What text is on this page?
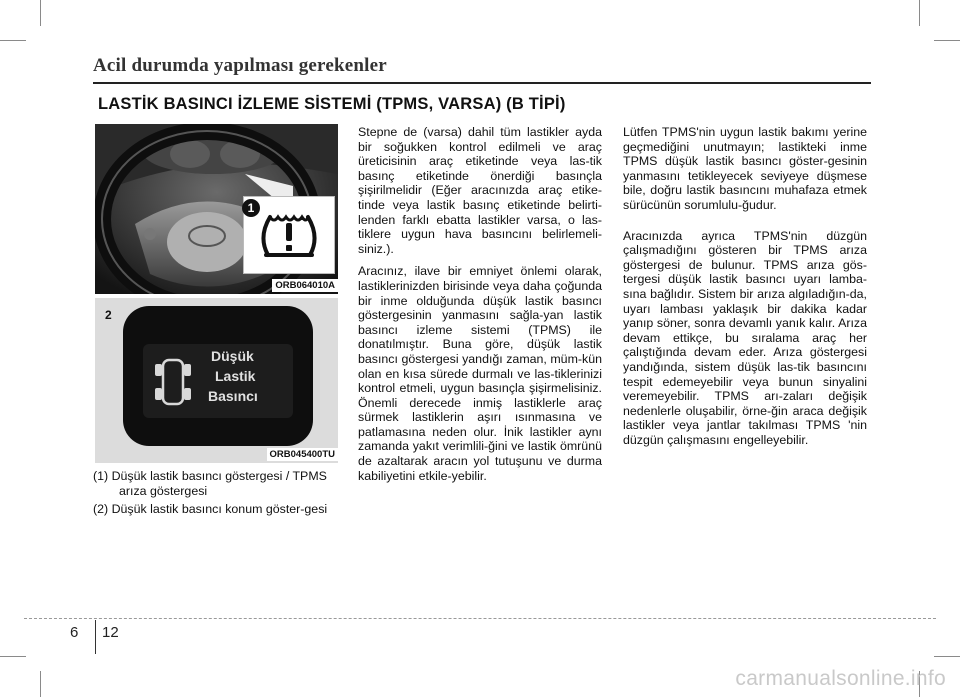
Acil durumda yapılması gerekenler
LASTİK BASINCI İZLEME SİSTEMİ (TPMS, VARSA) (B TİPİ)
1
ORB064010A
2
Düşük
Lastik
Basıncı
ORB045400TU
(1) Düşük lastik basıncı göstergesi / TPMS arıza göstergesi
(2) Düşük lastik basıncı konum göster-gesi

Stepne de (varsa) dahil tüm lastikler ayda bir soğukken kontrol edilmeli ve araç üreticisinin araç etiketinde veya las-tik basınç etiketinde önerdiği basınçla şişirilmelidir (Eğer aracınızda araç etike-tinde veya lastik basınç etiketinde belirti-lenden farklı ebatta lastikler varsa, o las-tiklere uygun hava basıncını belirlemeli-siniz.).

Aracınız, ilave bir emniyet önlemi olarak, lastiklerinizden birisinde veya daha çoğunda bir inme olduğunda düşük lastik basıncı göstergesinin yanmasını sağla-yan lastik basıncı izleme sistemi (TPMS) ile donatılmıştır. Buna göre, düşük lastik basıncı göstergesi yandığı zaman, müm-kün olan en kısa sürede durmalı ve las-tiklerinizi kontrol etmeli, uygun basınçla şişirmelisiniz. Önemli derecede inmiş lastiklerle araç sürmek lastiklerin aşırı ısınmasına ve patlamasına neden olur. İnik lastikler aynı zamanda yakıt verimlili-ğini ve lastik ömrünü de azaltarak aracın yol tutuşunu ve durma kabiliyetini etkile-yebilir.

Lütfen TPMS'nin uygun lastik bakımı yerine geçmediğini unutmayın; lastikteki inme TPMS düşük lastik basıncı göster-gesinin yanmasını tetikleyecek seviyeye düşmese bile, doğru lastik basıncını muhafaza etmek sürücünün sorumlulu-ğudur.

Aracınızda ayrıca TPMS'nin düzgün çalışmadığını gösteren bir TPMS arıza göstergesi de bulunur. TPMS arıza gös-tergesi düşük lastik basıncı uyarı lamba-sına bağlıdır. Sistem bir arıza algıladığın-da, uyarı lambası yaklaşık bir dakika kadar yanıp söner, sonra devamlı yanık kalır. Arıza devam ettikçe, bu sıralama araç her çalıştığında devam eder. Arıza göstergesi yandığında, sistem düşük las-tik basıncını tespit edemeyebilir veya bunun sinyalini veremeyebilir. TPMS arı-zaları değişik nedenlerle oluşabilir, örne-ğin araca değişik lastikler veya jantlar takılması TPMS 'nin düzgün çalışmasını engelleyebilir.

6 12
carmanualsonline.info
